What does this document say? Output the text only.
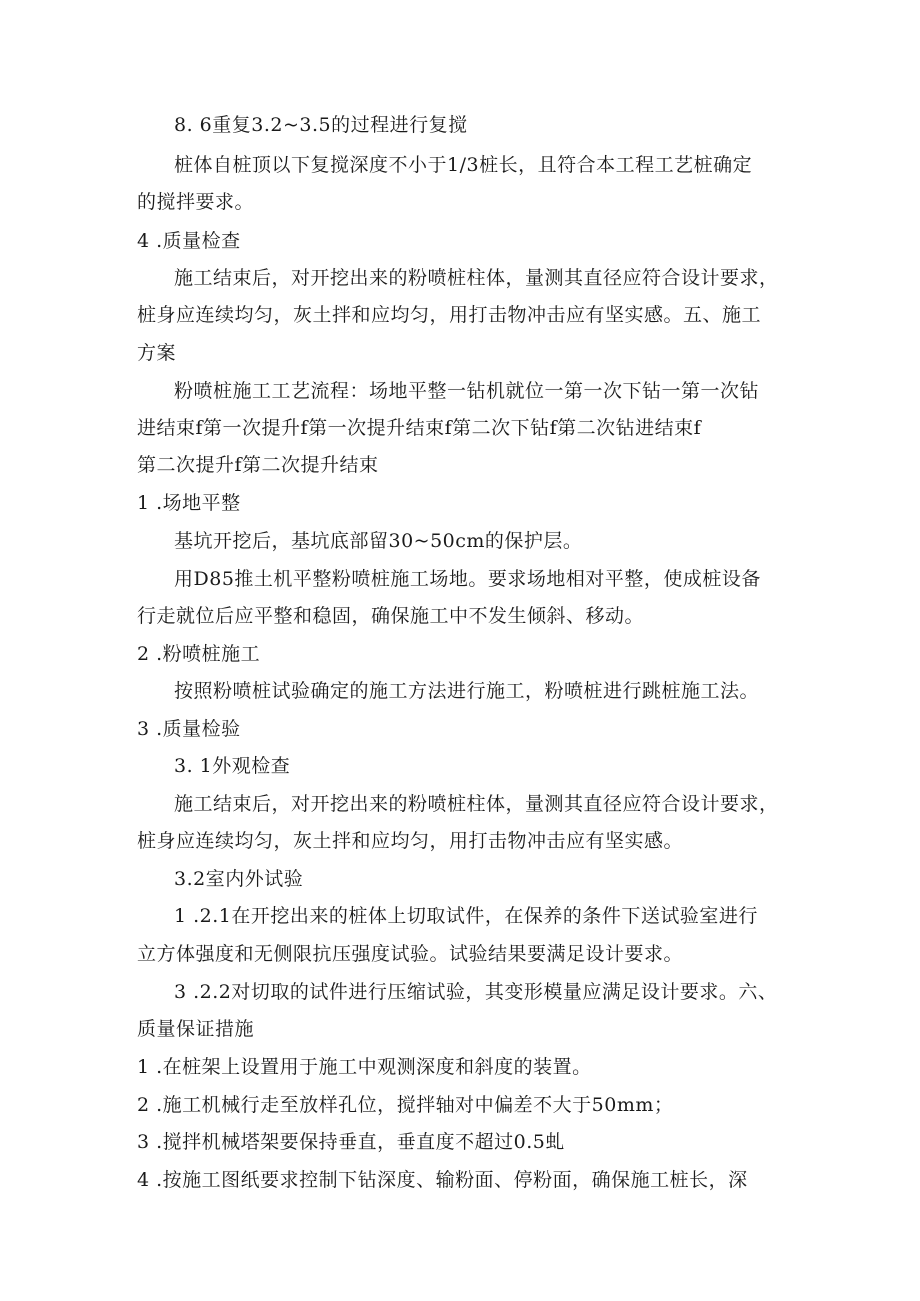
8. 6重复3.2~3.5的过程进行复搅
桩体自桩顶以下复搅深度不小于1/3桩长，且符合本工程工艺桩确定
的搅拌要求。
4 .质量检查
施工结束后，对开挖出来的粉喷桩柱体，量测其直径应符合设计要求，
桩身应连续均匀，灰土拌和应均匀，用打击物冲击应有坚实感。五、施工
方案
粉喷桩施工工艺流程：场地平整一钻机就位一第一次下钻一第一次钻
进结束f第一次提升f第一次提升结束f第二次下钻f第二次钻进结束f
第二次提升f第二次提升结束
1 .场地平整
基坑开挖后，基坑底部留30~50cm的保护层。
用D85推土机平整粉喷桩施工场地。要求场地相对平整，使成桩设备
行走就位后应平整和稳固，确保施工中不发生倾斜、移动。
2 .粉喷桩施工
按照粉喷桩试验确定的施工方法进行施工，粉喷桩进行跳桩施工法。
3 .质量检验
3. 1外观检查
施工结束后，对开挖出来的粉喷桩柱体，量测其直径应符合设计要求，
桩身应连续均匀，灰土拌和应均匀，用打击物冲击应有坚实感。
3.2室内外试验
1 .2.1在开挖出来的桩体上切取试件，在保养的条件下送试验室进行
立方体强度和无侧限抗压强度试验。试验结果要满足设计要求。
3 .2.2对切取的试件进行压缩试验，其变形模量应满足设计要求。六、
质量保证措施
1 .在桩架上设置用于施工中观测深度和斜度的装置。
2 .施工机械行走至放样孔位，搅拌轴对中偏差不大于50mm；
3 .搅拌机械塔架要保持垂直，垂直度不超过0.5虬
4 .按施工图纸要求控制下钻深度、输粉面、停粉面，确保施工桩长，深
